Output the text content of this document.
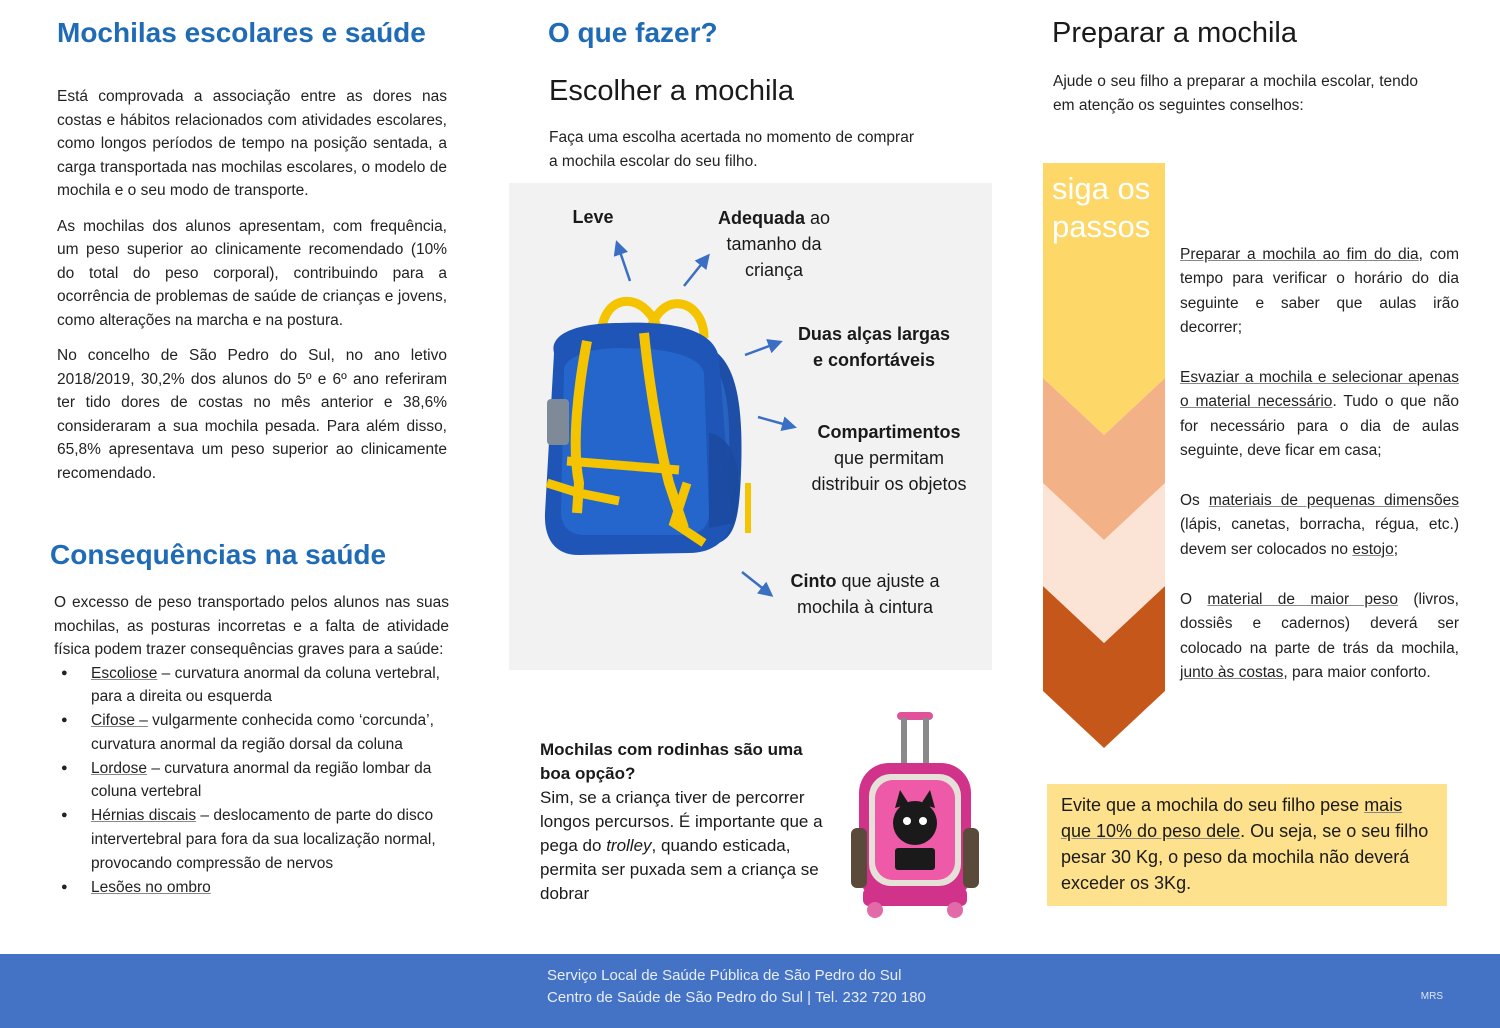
Mochilas escolares e saúde

Está comprovada a associação entre as dores nas costas e hábitos relacionados com atividades escolares, como longos períodos de tempo na posição sentada, a carga transportada nas mochilas escolares, o modelo de mochila e o seu modo de transporte.

As mochilas dos alunos apresentam, com frequência, um peso superior ao clinicamente recomendado (10% do total do peso corporal), contribuindo para a ocorrência de problemas de saúde de crianças e jovens, como alterações na marcha e na postura.

No concelho de São Pedro do Sul, no ano letivo 2018/2019, 30,2% dos alunos do 5º e 6º ano referiram ter tido dores de costas no mês anterior e 38,6% consideraram a sua mochila pesada. Para além disso, 65,8% apresentava um peso superior ao clinicamente recomendado.

Consequências na saúde

O excesso de peso transportado pelos alunos nas suas mochilas, as posturas incorretas e a falta de atividade física podem trazer consequências graves para a saúde:

● Escoliose – curvatura anormal da coluna vertebral, para a direita ou esquerda
● Cifose – vulgarmente conhecida como ‘corcunda’, curvatura anormal da região dorsal da coluna
● Lordose – curvatura anormal da região lombar da coluna vertebral
● Hérnias discais – deslocamento de parte do disco intervertebral para fora da sua localização normal, provocando compressão de nervos
● Lesões no ombro
O que fazer?
Escolher a mochila

Faça uma escolha acertada no momento de comprar a mochila escolar do seu filho.

Leve	Adequada ao tamanho da criança
Duas alças largas e confortáveis
Compartimentos que permitam distribuir os objetos
Cinto que ajuste a mochila à cintura
Mochilas com rodinhas são uma boa opção?
Sim, se a criança tiver de percorrer longos percursos. É importante que a pega do trolley, quando esticada, permita ser puxada sem a criança se dobrar
Preparar a mochila

Ajude o seu filho a preparar a mochila escolar, tendo em atenção os seguintes conselhos:

siga os passos

Preparar a mochila ao fim do dia, com tempo para verificar o horário do dia seguinte e saber que aulas irão decorrer;

Esvaziar a mochila e selecionar apenas o material necessário. Tudo o que não for necessário para o dia de aulas seguinte, deve ficar em casa;

Os materiais de pequenas dimensões (lápis, canetas, borracha, régua, etc.) devem ser colocados no estojo;

O material de maior peso (livros, dossiês e cadernos) deverá ser colocado na parte de trás da mochila, junto às costas, para maior conforto.

Evite que a mochila do seu filho pese mais que 10% do peso dele. Ou seja, se o seu filho pesar 30 Kg, o peso da mochila não deverá exceder os 3Kg.
Serviço Local de Saúde Pública de São Pedro do Sul
Centro de Saúde de São Pedro do Sul | Tel. 232 720 180	MRS
